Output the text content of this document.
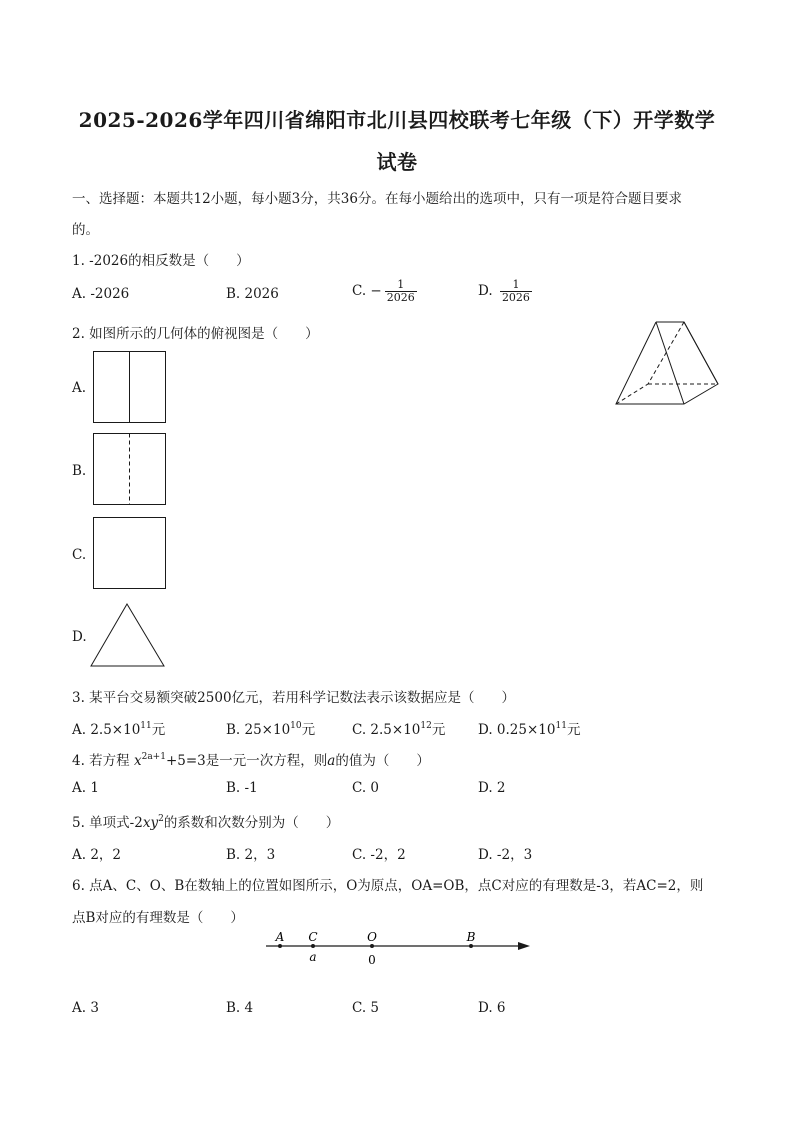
2025-2026学年四川省绵阳市北川县四校联考七年级（下）开学数学
试卷
一、选择题：本题共12小题，每小题3分，共36分。在每小题给出的选项中，只有一项是符合题目要求
的。
1. -2026的相反数是（　　）
A. -2026	B. 2026	C. − $\frac{1}{2026}$	D. $\frac{1}{2026}$
2. 如图所示的几何体的俯视图是（　　）
A.
B.
C.
D.
3. 某平台交易额突破2500亿元，若用科学记数法表示该数据应是（　　）
A. $2.5\times 10^{11}$元	B. $25\times 10^{10}$元	C. $2.5\times 10^{12}$元 D. $0.25\times 10^{11}$元
4. 若方程 $x^{2a+1}+5=3$是一元一次方程，则a的值为（　　）
A. 1	B. -1	C. 0	D. 2
5. 单项式$-2xy^2$的系数和次数分别为（　　）
A. 2，2	B. 2，3	C. -2，2	D. -2，3
6. 点A、C、O、B在数轴上的位置如图所示，O为原点，OA=OB，点C对应的有理数是-3，若AC=2，则
点B对应的有理数是（　　）
A C	O	B
a	0
A. 3	B. 4	C. 5	D. 6
